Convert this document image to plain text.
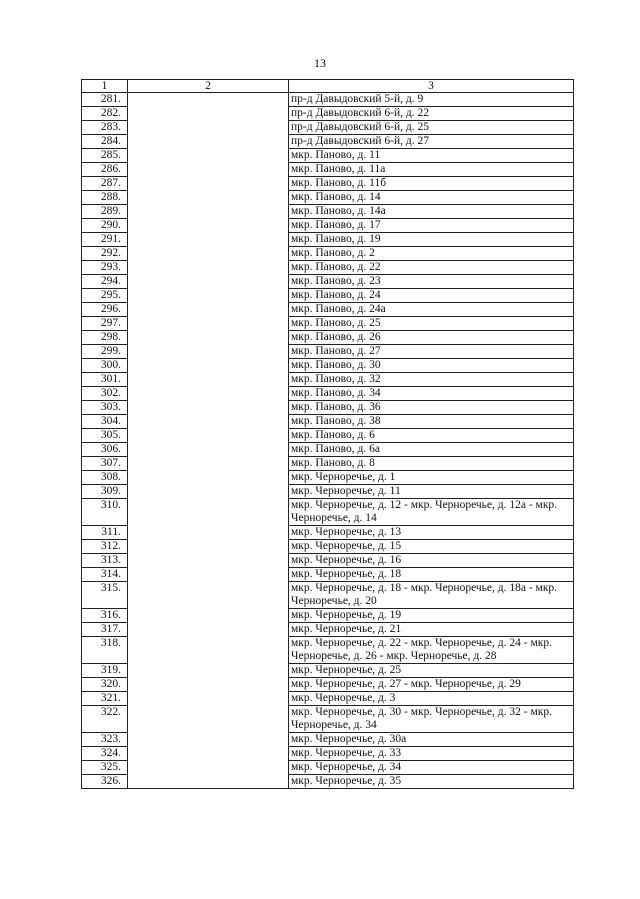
13
1	2	3
281.		пр-д Давыдовский 5-й, д. 9
282.		пр-д Давыдовский 6-й, д. 22
283.		пр-д Давыдовский 6-й, д. 25
284.		пр-д Давыдовский 6-й, д. 27
285.		мкр. Паново, д. 11
286.		мкр. Паново, д. 11а
287.		мкр. Паново, д. 11б
288.		мкр. Паново, д. 14
289.		мкр. Паново, д. 14а
290.		мкр. Паново, д. 17
291.		мкр. Паново, д. 19
292.		мкр. Паново, д. 2
293.		мкр. Паново, д. 22
294.		мкр. Паново, д. 23
295.		мкр. Паново, д. 24
296.		мкр. Паново, д. 24а
297.		мкр. Паново, д. 25
298.		мкр. Паново, д. 26
299.		мкр. Паново, д. 27
300.		мкр. Паново, д. 30
301.		мкр. Паново, д. 32
302.		мкр. Паново, д. 34
303.		мкр. Паново, д. 36
304.		мкр. Паново, д. 38
305.		мкр. Паново, д. 6
306.		мкр. Паново, д. 6а
307.		мкр. Паново, д. 8
308.		мкр. Черноречье, д. 1
309.		мкр. Черноречье, д. 11
310.		мкр. Черноречье, д. 12 - мкр. Черноречье, д. 12а - мкр. Черноречье, д. 14
311.		мкр. Черноречье, д. 13
312.		мкр. Черноречье, д. 15
313.		мкр. Черноречье, д. 16
314.		мкр. Черноречье, д. 18
315.		мкр. Черноречье, д. 18 - мкр. Черноречье, д. 18а - мкр. Черноречье, д. 20
316.		мкр. Черноречье, д. 19
317.		мкр. Черноречье, д. 21
318.		мкр. Черноречье, д. 22 - мкр. Черноречье, д. 24 - мкр. Черноречье, д. 26 - мкр. Черноречье, д. 28
319.		мкр. Черноречье, д. 25
320.		мкр. Черноречье, д. 27 - мкр. Черноречье, д. 29
321.		мкр. Черноречье, д. 3
322.		мкр. Черноречье, д. 30 - мкр. Черноречье, д. 32 - мкр. Черноречье, д. 34
323.		мкр. Черноречье, д. 30а
324.		мкр. Черноречье, д. 33
325.		мкр. Черноречье, д. 34
326.		мкр. Черноречье, д. 35
